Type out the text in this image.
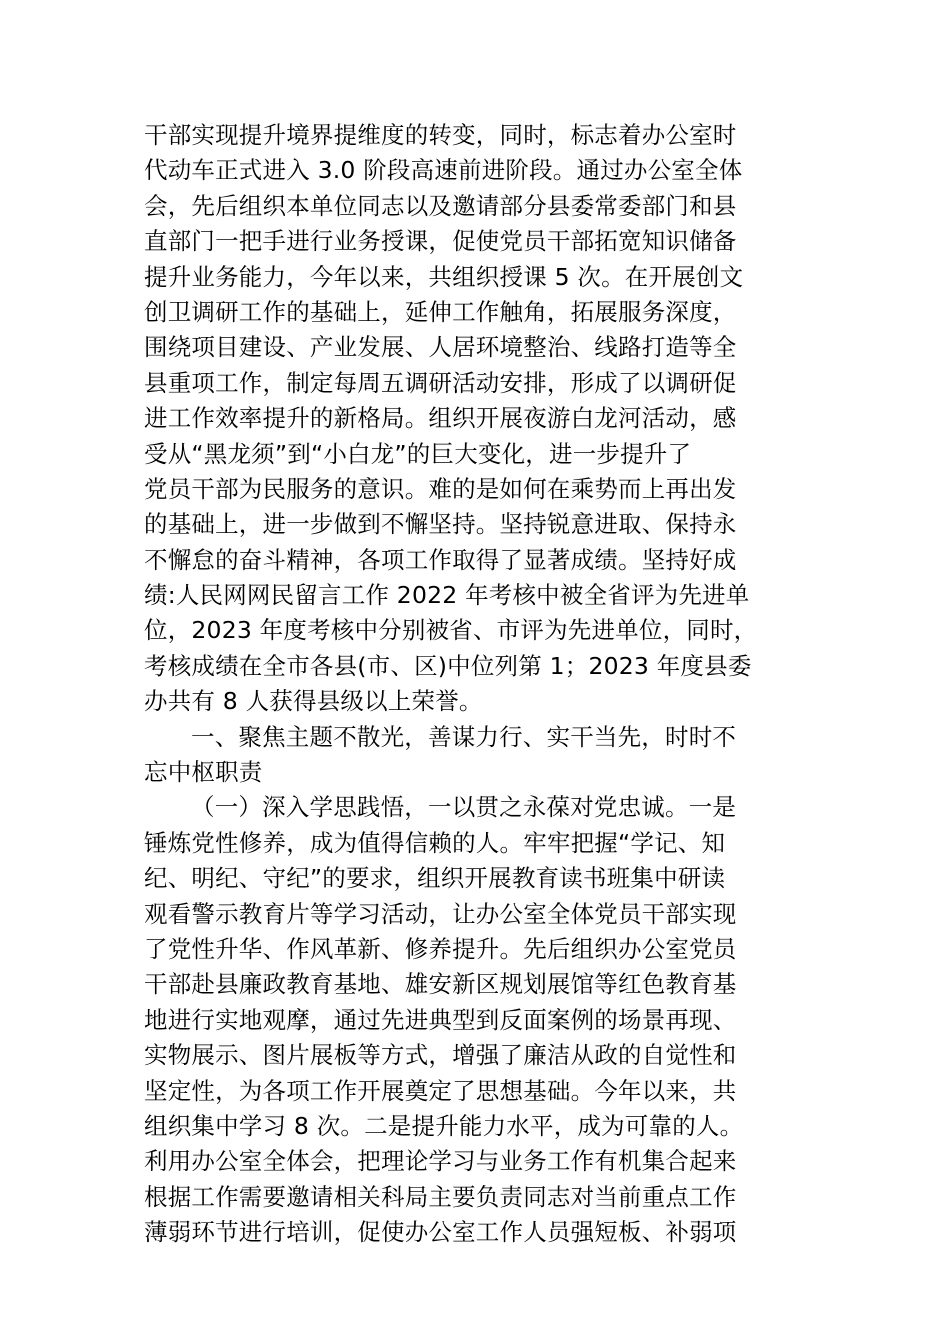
干部实现提升境界提维度的转变，同时，标志着办公室时
代动车正式进入 3.0 阶段高速前进阶段。通过办公室全体
会，先后组织本单位同志以及邀请部分县委常委部门和县
直部门一把手进行业务授课，促使党员干部拓宽知识储备
提升业务能力，今年以来，共组织授课 5 次。在开展创文
创卫调研工作的基础上，延伸工作触角，拓展服务深度，
围绕项目建设、产业发展、人居环境整治、线路打造等全
县重项工作，制定每周五调研活动安排，形成了以调研促
进工作效率提升的新格局。组织开展夜游白龙河活动，感
受从“黑龙须”到“小白龙”的巨大变化，进一步提升了
党员干部为民服务的意识。难的是如何在乘势而上再出发
的基础上，进一步做到不懈坚持。坚持锐意进取、保持永
不懈怠的奋斗精神，各项工作取得了显著成绩。坚持好成
绩:人民网网民留言工作 2022 年考核中被全省评为先进单
位，2023 年度考核中分别被省、市评为先进单位，同时，
考核成绩在全市各县(市、区)中位列第 1；2023 年度县委
办共有 8 人获得县级以上荣誉。
一、聚焦主题不散光，善谋力行、实干当先，时时不
忘中枢职责
（一）深入学思践悟，一以贯之永葆对党忠诚。一是
锤炼党性修养，成为值得信赖的人。牢牢把握“学记、知
纪、明纪、守纪”的要求，组织开展教育读书班集中研读
观看警示教育片等学习活动，让办公室全体党员干部实现
了党性升华、作风革新、修养提升。先后组织办公室党员
干部赴县廉政教育基地、雄安新区规划展馆等红色教育基
地进行实地观摩，通过先进典型到反面案例的场景再现、
实物展示、图片展板等方式，增强了廉洁从政的自觉性和
坚定性，为各项工作开展奠定了思想基础。今年以来，共
组织集中学习 8 次。二是提升能力水平，成为可靠的人。
利用办公室全体会，把理论学习与业务工作有机集合起来
根据工作需要邀请相关科局主要负责同志对当前重点工作
薄弱环节进行培训，促使办公室工作人员强短板、补弱项
